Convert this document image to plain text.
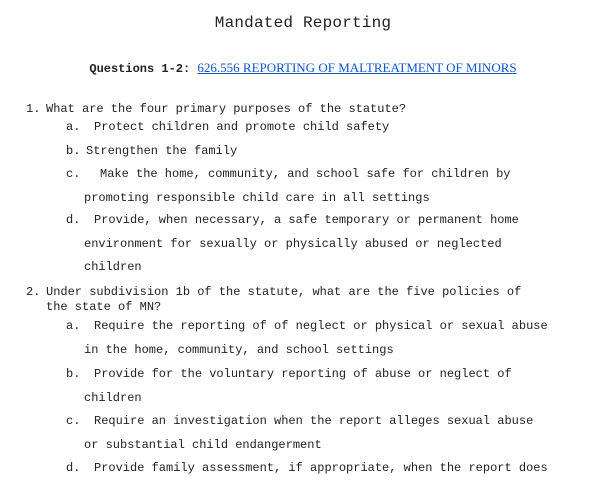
Mandated Reporting
Questions 1-2: 626.556 REPORTING OF MALTREATMENT OF MINORS
1. What are the four primary purposes of the statute?
a.	Protect children and promote child safety
b. Strengthen the family
c.	Make the home, community, and school safe for children by
promoting responsible child care in all settings
d.	Provide, when necessary, a safe temporary or permanent home
environment for sexually or physically abused or neglected
children
2. Under subdivision 1b of the statute, what are the five policies of
the state of MN?
a.	Require the reporting of of neglect or physical or sexual abuse
in the home, community, and school settings
b.	Provide for the voluntary reporting of abuse or neglect of
children
c.	Require an investigation when the report alleges sexual abuse
or substantial child endangerment
d.	Provide family assessment, if appropriate, when the report does
